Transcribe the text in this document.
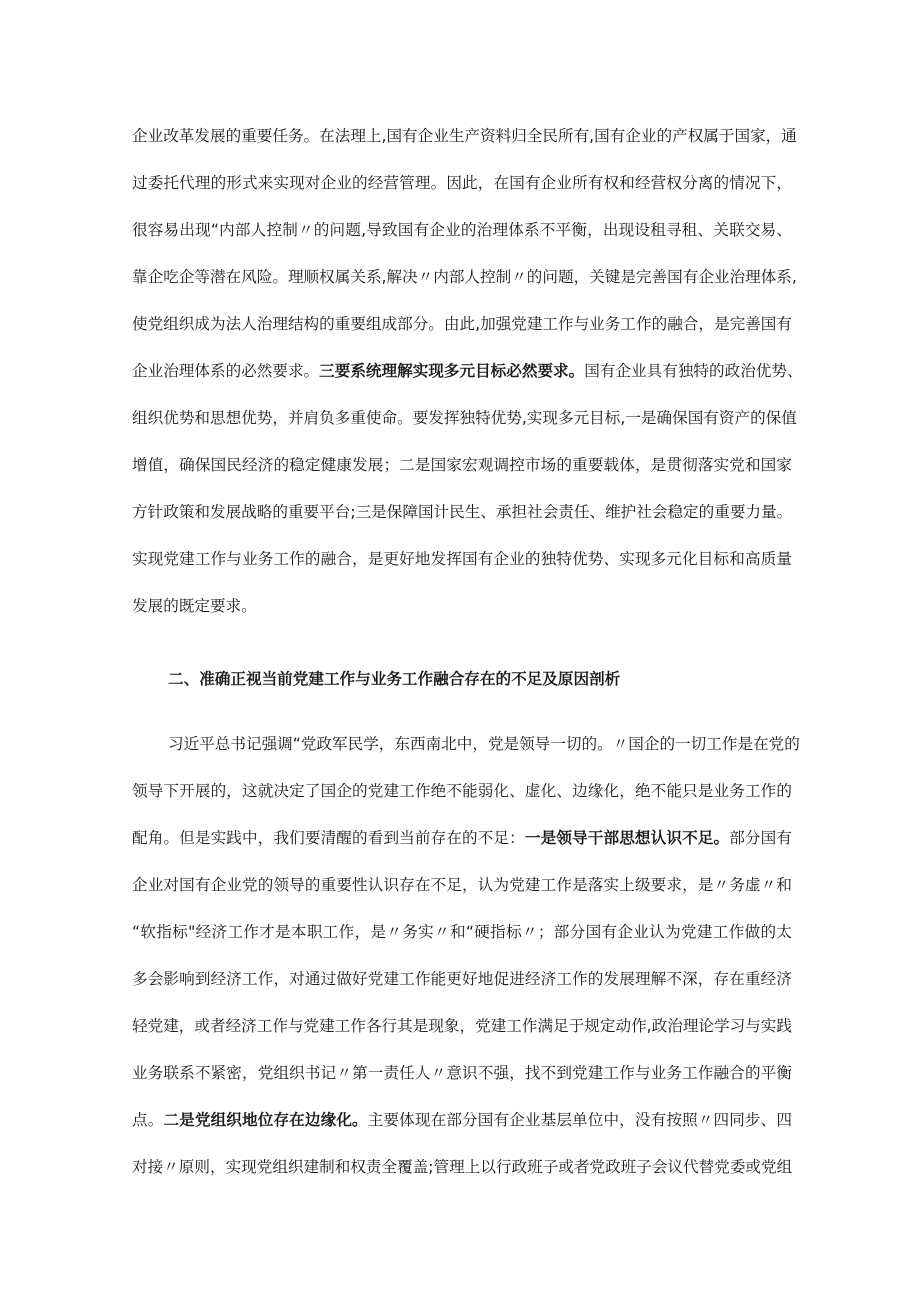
企业改革发展的重要任务。在法理上,国有企业生产资料归全民所有,国有企业的产权属于国家，通
过委托代理的形式来实现对企业的经营管理。因此，在国有企业所有权和经营权分离的情况下，
很容易出现“内部人控制〃的问题,导致国有企业的治理体系不平衡，出现设租寻租、关联交易、
靠企吃企等潜在风险。理顺权属关系,解决〃内部人控制〃的问题，关键是完善国有企业治理体系,
使党组织成为法人治理结构的重要组成部分。由此,加强党建工作与业务工作的融合，是完善国有
企业治理体系的必然要求。三要系统理解实现多元目标必然要求。国有企业具有独特的政治优势、
组织优势和思想优势，并肩负多重使命。要发挥独特优势,实现多元目标,一是确保国有资产的保值
增值，确保国民经济的稳定健康发展；二是国家宏观调控市场的重要载体，是贯彻落实党和国家
方针政策和发展战略的重要平台;三是保障国计民生、承担社会责任、维护社会稳定的重要力量。
实现党建工作与业务工作的融合，是更好地发挥国有企业的独特优势、实现多元化目标和高质量
发展的既定要求。
二、准确正视当前党建工作与业务工作融合存在的不足及原因剖析
习近平总书记强调“党政军民学，东西南北中，党是领导一切的。〃国企的一切工作是在党的
领导下开展的，这就决定了国企的党建工作绝不能弱化、虚化、边缘化，绝不能只是业务工作的
配角。但是实践中，我们要清醒的看到当前存在的不足：一是领导干部思想认识不足。部分国有
企业对国有企业党的领导的重要性认识存在不足，认为党建工作是落实上级要求，是〃务虚〃和
“软指标"经济工作才是本职工作，是〃务实〃和“硬指标〃；部分国有企业认为党建工作做的太
多会影响到经济工作，对通过做好党建工作能更好地促进经济工作的发展理解不深，存在重经济
轻党建，或者经济工作与党建工作各行其是现象，党建工作满足于规定动作,政治理论学习与实践
业务联系不紧密，党组织书记〃第一责任人〃意识不强，找不到党建工作与业务工作融合的平衡
点。二是党组织地位存在边缘化。主要体现在部分国有企业基层单位中，没有按照〃四同步、四
对接〃原则，实现党组织建制和权责全覆盖;管理上以行政班子或者党政班子会议代替党委或党组
